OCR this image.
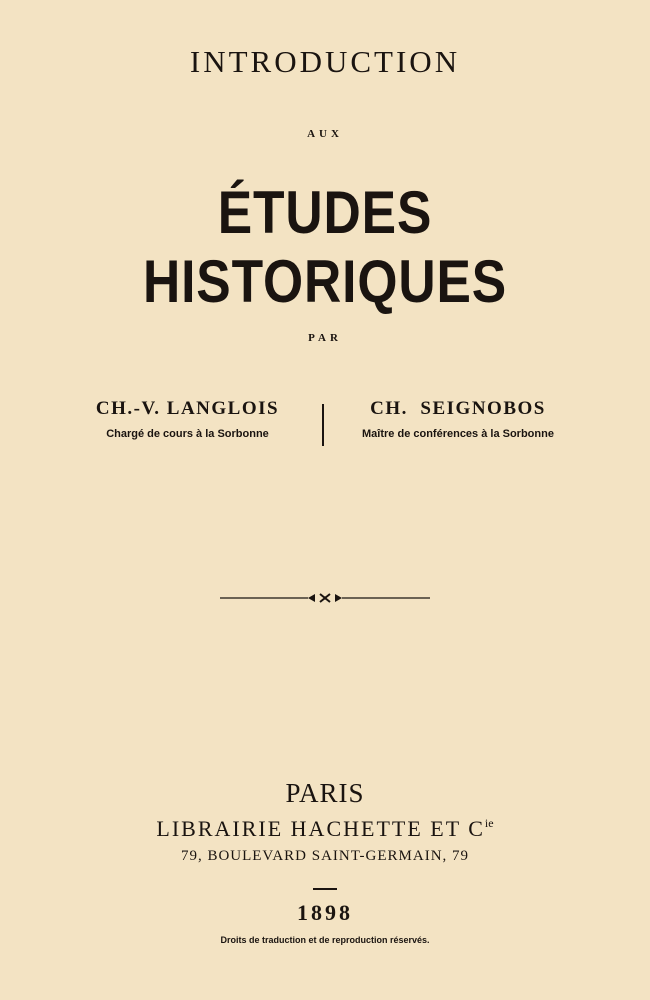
INTRODUCTION
AUX
ÉTUDES HISTORIQUES
PAR
CH.-V. LANGLOIS
Chargé de cours à la Sorbonne
CH.  SEIGNOBOS
Maître de conférences à la Sorbonne
PARIS
LIBRAIRIE HACHETTE ET $C^{ie}$
79, BOULEVARD SAINT-GERMAIN, 79
1898
Droits de traduction et de reproduction réservés.
